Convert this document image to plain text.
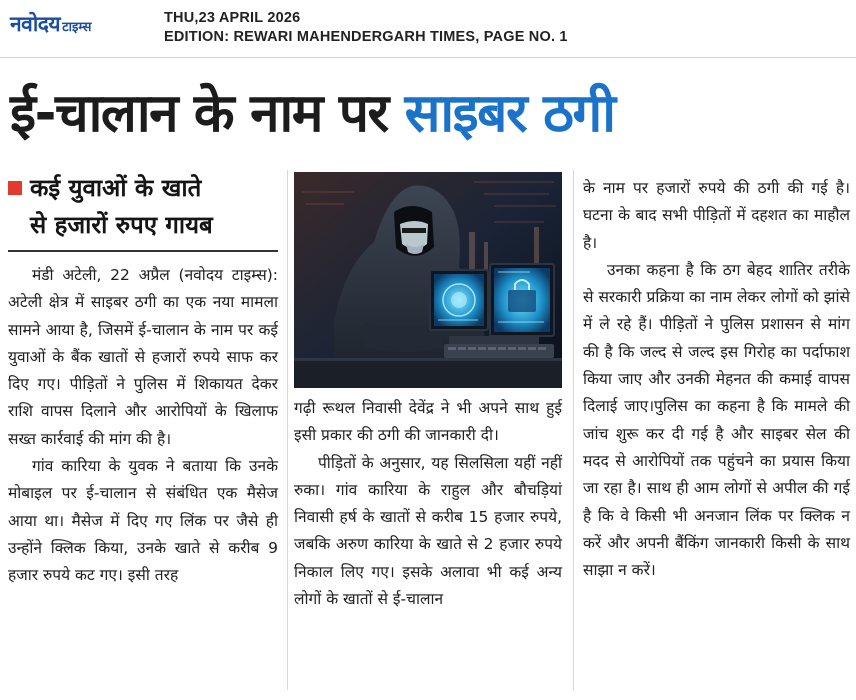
नवोदय टाइम्स
THU,23 APRIL 2026
EDITION: REWARI MAHENDERGARH TIMES, PAGE NO. 1
ई-चालान के नाम पर साइबर ठगी
कई युवाओं के खाते
से हजारों रुपए गायब

मंडी अटेली, 22 अप्रैल (नवोदय टाइम्स): अटेली क्षेत्र में साइबर ठगी का एक नया मामला सामने आया है, जिसमें ई-चालान के नाम पर कई युवाओं के बैंक खातों से हजारों रुपये साफ कर दिए गए। पीड़ितों ने पुलिस में शिकायत देकर राशि वापस दिलाने और आरोपियों के खिलाफ सख्त कार्रवाई की मांग की है।

गांव कारिया के युवक ने बताया कि उनके मोबाइल पर ई-चालान से संबंधित एक मैसेज आया था। मैसेज में दिए गए लिंक पर जैसे ही उन्होंने क्लिक किया, उनके खाते से करीब 9 हजार रुपये कट गए। इसी तरह

गढ़ी रूथल निवासी देवेंद्र ने भी अपने साथ हुई इसी प्रकार की ठगी की जानकारी दी।

पीड़ितों के अनुसार, यह सिलसिला यहीं नहीं रुका। गांव कारिया के राहुल और बौचड़ियां निवासी हर्ष के खातों से करीब 15 हजार रुपये, जबकि अरुण कारिया के खाते से 2 हजार रुपये निकाल लिए गए। इसके अलावा भी कई अन्य लोगों के खातों से ई-चालान

के नाम पर हजारों रुपये की ठगी की गई है। घटना के बाद सभी पीड़ितों में दहशत का माहौल है।

उनका कहना है कि ठग बेहद शातिर तरीके से सरकारी प्रक्रिया का नाम लेकर लोगों को झांसे में ले रहे हैं। पीड़ितों ने पुलिस प्रशासन से मांग की है कि जल्द से जल्द इस गिरोह का पर्दाफाश किया जाए और उनकी मेहनत की कमाई वापस दिलाई जाए।पुलिस का कहना है कि मामले की जांच शुरू कर दी गई है और साइबर सेल की मदद से आरोपियों तक पहुंचने का प्रयास किया जा रहा है। साथ ही आम लोगों से अपील की गई है कि वे किसी भी अनजान लिंक पर क्लिक न करें और अपनी बैंकिंग जानकारी किसी के साथ साझा न करें।
